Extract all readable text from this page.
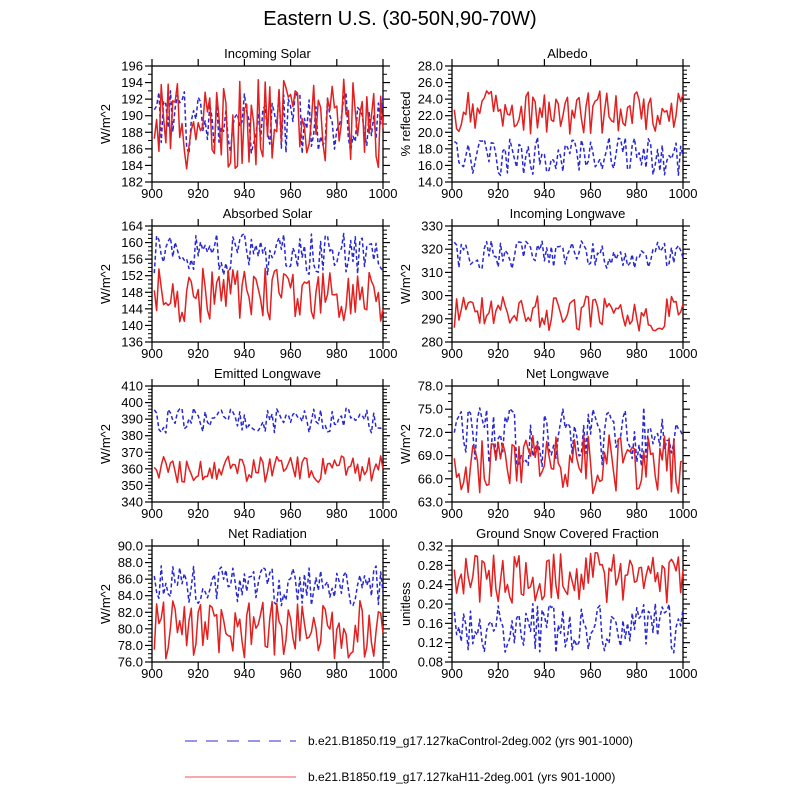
Eastern U.S. (30-50N,90-70W)
Incoming Solar
W/m^2
900 920 940 960 980 1000
182
184
186
188
190
192
194
196
Albedo
% reflected
900 920 940 960 980 1000
14.0
16.0
18.0
20.0
22.0
24.0
26.0
28.0
Absorbed Solar
W/m^2
900 920 940 960 980 1000
136
140
144
148
152
156
160
164
Incoming Longwave
W/m^2
900 920 940 960 980 1000
280
290
300
310
320
330
Emitted Longwave
W/m^2
900 920 940 960 980 1000
340
350
360
370
380
390
400
410
Net Longwave
W/m^2
900 920 940 960 980 1000
63.0
66.0
69.0
72.0
75.0
78.0
Net Radiation
W/m^2
900 920 940 960 980 1000
76.0
78.0
80.0
82.0
84.0
86.0
88.0
90.0
Ground Snow Covered Fraction
unitless
900 920 940 960 980 1000
0.08
0.12
0.16
0.20
0.24
0.28
0.32
b.e21.B1850.f19_g17.127kaControl-2deg.002 (yrs 901-1000)
b.e21.B1850.f19_g17.127kaH11-2deg.001 (yrs 901-1000)
